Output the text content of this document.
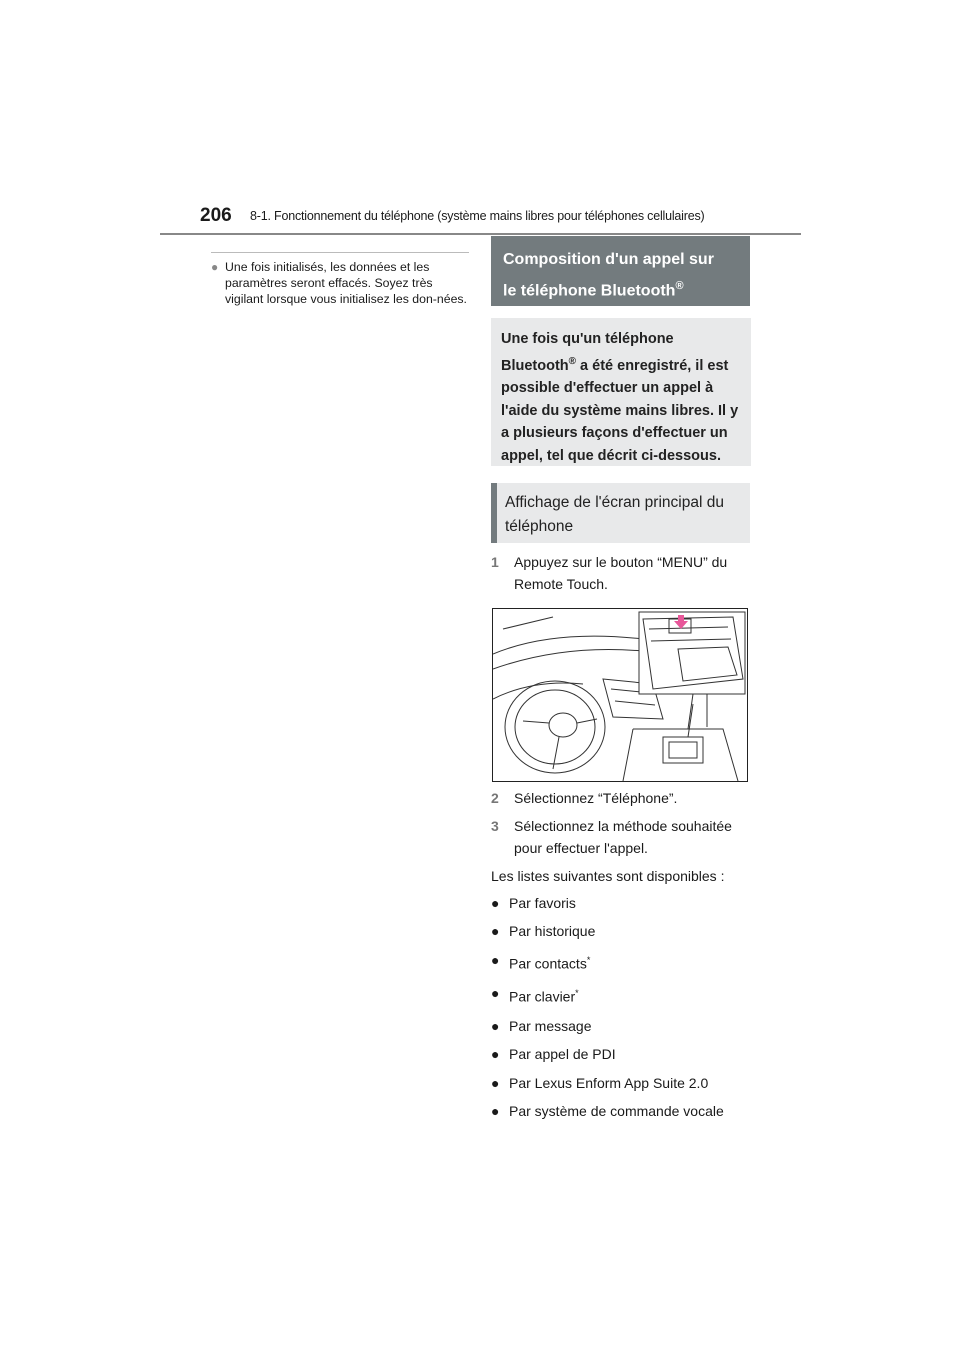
206 8-1. Fonctionnement du téléphone (système mains libres pour téléphones cellulaires)
● Une fois initialisés, les données et les paramètres seront effacés. Soyez très vigilant lorsque vous initialisez les don-nées.
Composition d'un appel sur
le téléphone Bluetooth®
Une fois qu'un téléphone Bluetooth® a été enregistré, il est possible d'effectuer un appel à l'aide du système mains libres. Il y a plusieurs façons d'effectuer un appel, tel que décrit ci-dessous.
Affichage de l'écran principal du téléphone
1	Appuyez sur le bouton “MENU” du Remote Touch.
2	Sélectionnez “Téléphone”.
3	Sélectionnez la méthode souhaitée pour effectuer l'appel.
Les listes suivantes sont disponibles :
● Par favoris
● Par historique
● Par contacts*
● Par clavier*
● Par message
● Par appel de PDI
● Par Lexus Enform App Suite 2.0
● Par système de commande vocale
